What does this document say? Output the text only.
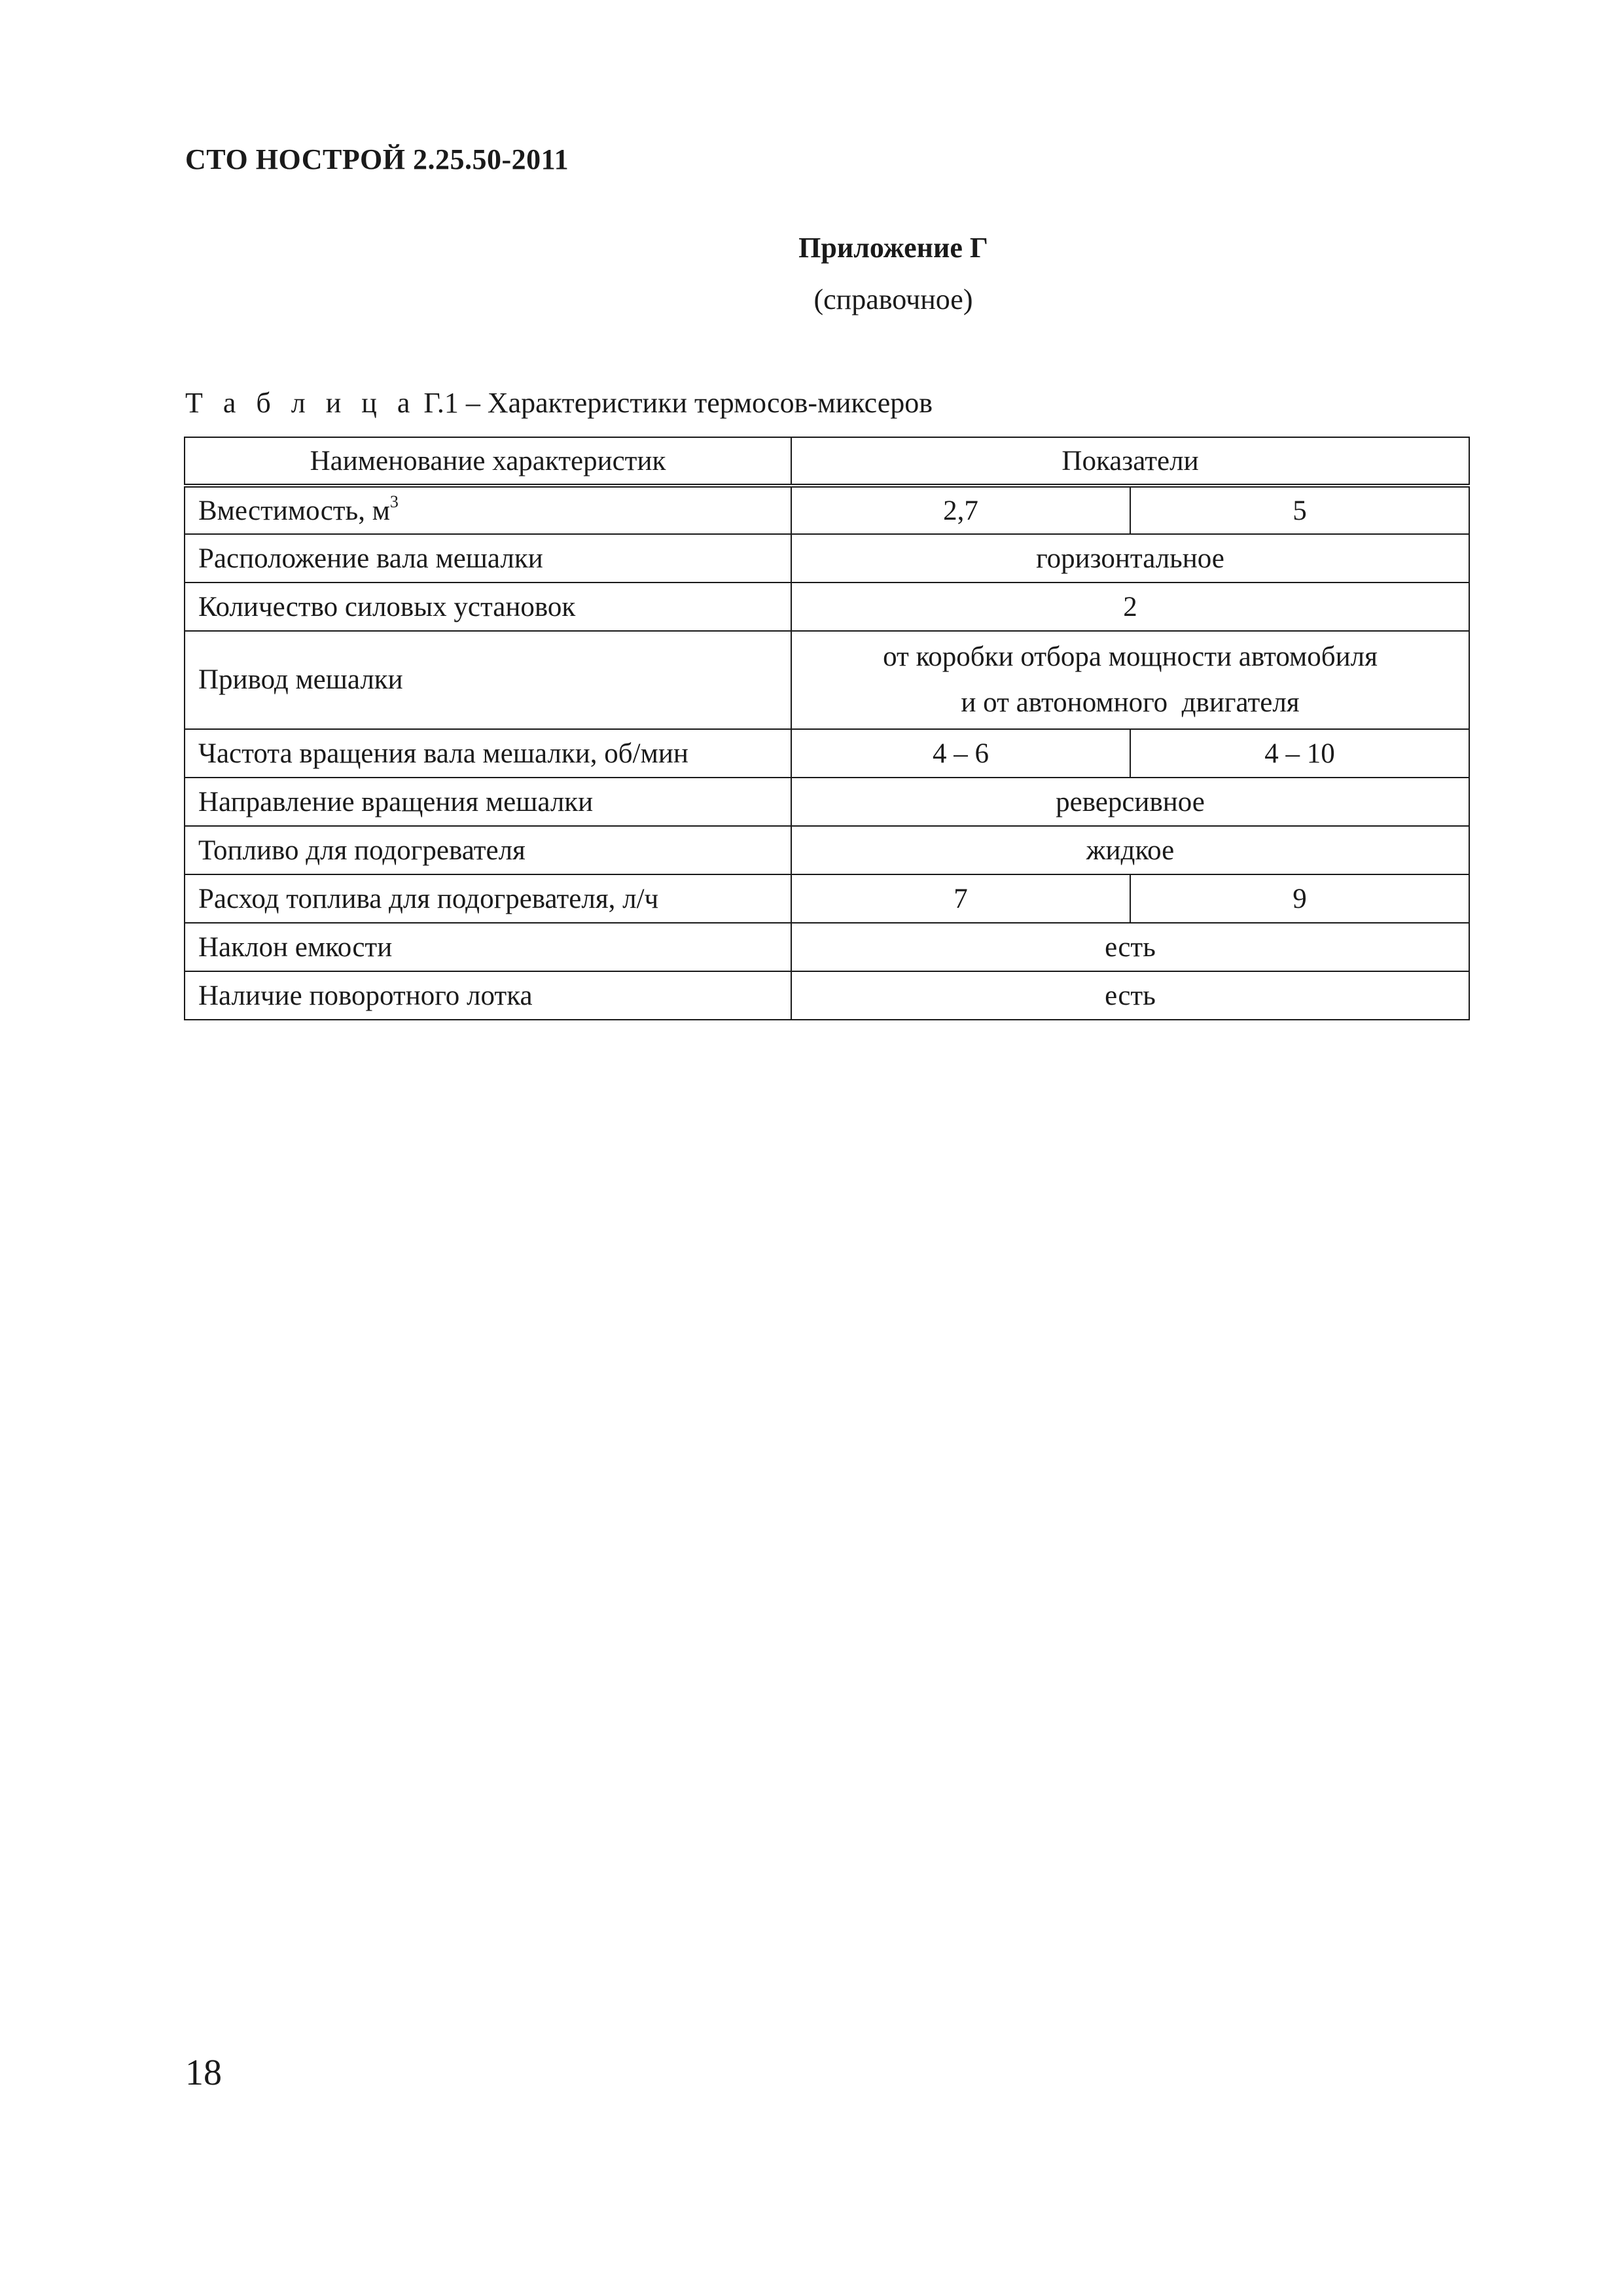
СТО НОСТРОЙ 2.25.50-2011
Приложение Г
(справочное)
Т а б л и ц а Г.1 – Характеристики термосов-миксеров
Наименование характеристик	Показатели	
Вместимость, $м^3$	2,7	5
Расположение вала мешалки	горизонтальное	
Количество силовых установок	2	
Привод мешалки	от коробки отбора мощности автомобиля
и от автономного  двигателя	

Частота вращения вала мешалки, об/мин	4 – 6	4 – 10
Направление вращения мешалки	реверсивное	
Топливо для подогревателя	жидкое	
Расход топлива для подогревателя, л/ч	7	9
Наклон емкости	есть	
Наличие поворотного лотка	есть	
18
